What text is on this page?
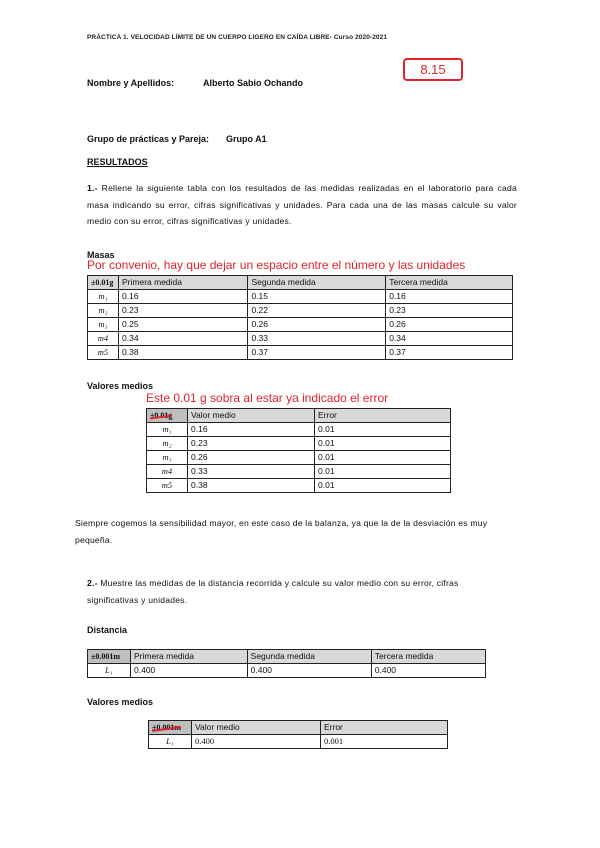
PRÁCTICA 1. VELOCIDAD LÍMITE DE UN CUERPO LIGERO EN CAÍDA LIBRE- Curso 2020-2021
8.15
Nombre y Apellidos:	Alberto Sabio Ochando
Grupo de prácticas y Pareja: Grupo A1
RESULTADOS
1.- Rellene la siguiente tabla con los resultados de las medidas realizadas en el laboratorio para cada masa indicando su error, cifras significativas y unidades. Para cada una de las masas calcule su valor medio con su error, cifras significativas y unidades.
Masas
Por convenio, hay que dejar un espacio entre el número y las unidades
±0.01g	Primera medida	Segunda medida	Tercera medida
m₁	0.16	0.15	0.16
m₂	0.23	0.22	0.23
m₃	0.25	0.26	0.26
m4	0.34	0.33	0.34
m5	0.38	0.37	0.37
Valores medios
Este 0.01 g sobra al estar ya indicado el error
±0.01g	Valor medio	Error
m₁	0.16	0.01
m₂	0.23	0.01
m₃	0.26	0.01
m4	0.33	0.01
m5	0.38	0.01
Siempre cogemos la sensibilidad mayor, en este caso de la balanza, ya que la de la desviación es muy pequeña.
2.- Muestre las medidas de la distancia recorrida y calcule su valor medio con su error, cifras significativas y unidades.
Distancia
±0.001m	Primera medida	Segunda medida	Tercera medida
L₁	0.400	0.400	0.400
Valores medios
±0.001m	Valor medio	Error
L₁	0.400	0.001
